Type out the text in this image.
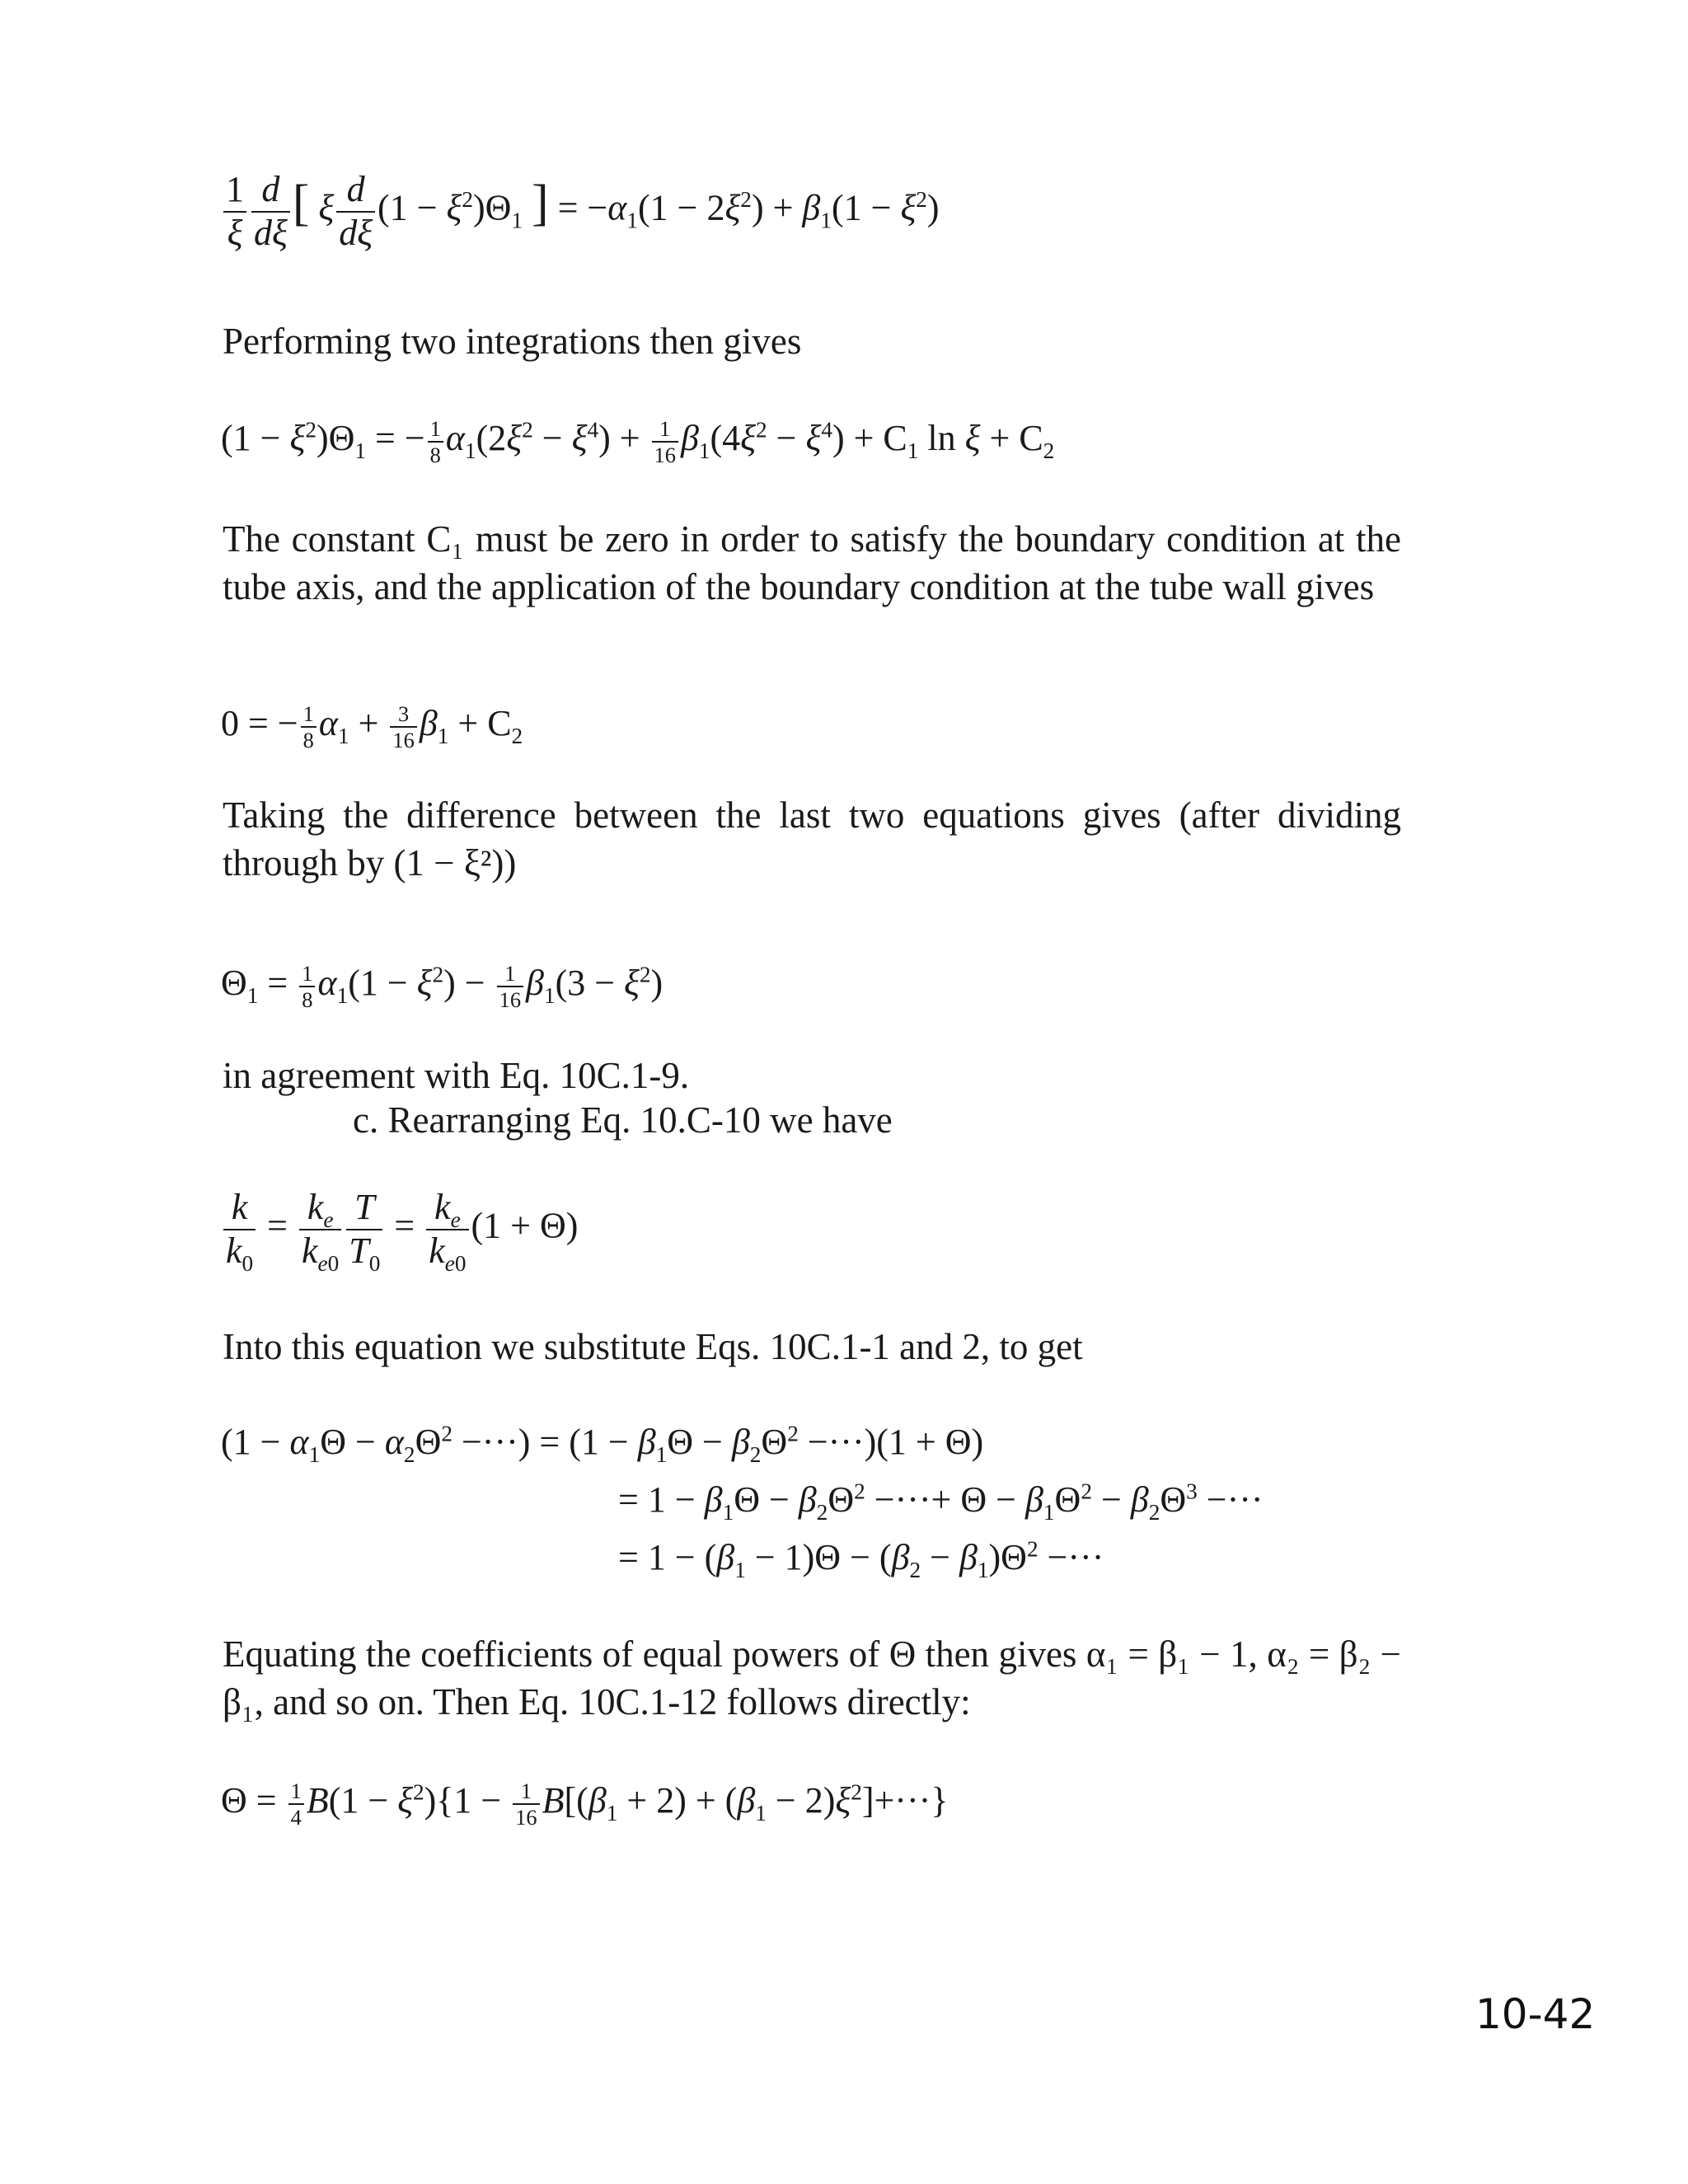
$\frac{1}{\xi} \frac{d}{d\xi}$ [ ξ $\frac{d}{d\xi} (1 - \xi^2)\Theta_1$ ] = $-\alpha_1(1 - 2\xi^2) + \beta_1(1 - \xi^2)$
Performing two integrations then gives
$(1 - \xi^2)\Theta_1$ = − $\frac{1}{8} \alpha_1(2\xi^2 - \xi^4) + \frac{1}{16} \beta_1(4\xi^2 - \xi^4) + C_1$ $\ln \xi + C_2$
The constant C₁ must be zero in order to satisfy the boundary condition at the tube axis, and the application of the boundary condition at the tube wall gives
0 = − $\frac{1}{8} \alpha_1 + \frac{3}{16} \beta_1 + C_2$
Taking the difference between the last two equations gives (after dividing through by (1 − ξ²))
$\Theta_1 = \frac{1}{8} \alpha_1(1 - \xi^2) - \frac{1}{16} \beta_1(3 - \xi^2)$
in agreement with Eq. 10C.1-9.
c. Rearranging Eq. 10.C-10 we have
$\frac{k}{k_0} = \frac{k_e}{k_{e0}} \frac{T}{T_0} = \frac{k_e}{k_{e0}} (1 + \Theta)$
Into this equation we substitute Eqs. 10C.1-1 and 2, to get
($1 - \alpha_1\Theta - \alpha_2\Theta^2$ −···) = $(1 - \beta_1\Theta - \beta_2\Theta^2 -\cdot\cdot\cdot)(1 + \Theta)$
= $1 - \beta_1\Theta - \beta_2\Theta^2$ −···+ $\Theta - \beta_1\Theta^2 - \beta_2\Theta^3$ −···
= $1 - (\beta_1 - 1)\Theta - (\beta_2 - \beta_1)\Theta^2$ −···
Equating the coefficients of equal powers of Θ then gives α₁ = β₁ − 1, α₂ = β₂ − β₁, and so on. Then Eq. 10C.1-12 follows directly:
$\Theta = \frac{1}{4} B(1 - \xi^2)\{1 - \frac{1}{16} B[(\beta_1 + 2) + (\beta_1 - 2)\xi^2]+\cdot\cdot\cdot\}$
10-42
